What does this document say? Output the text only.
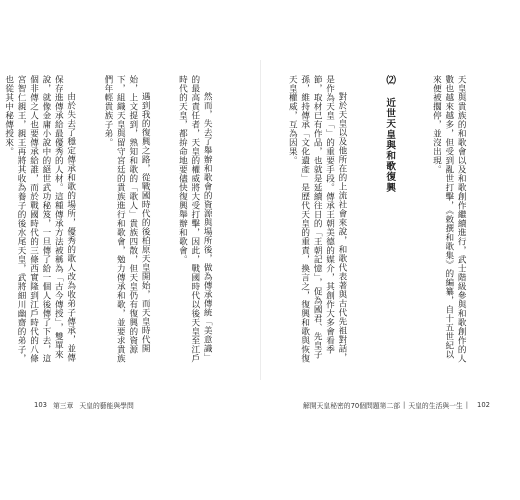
天皇與貴族的和歌會以及和歌創作繼續進行，武士階級參與和歌創作的人數也越來越多，但受到亂世打擊，《敕撰和歌集》的編纂，自十五世紀以來便被擱停，並沒出現。

⑵ 近世天皇與和歌復興

對於天皇以及他所在的上流社會來說，和歌代表著與古代先祖對話，是作為天皇「」的重要手段。傳承王朝美德的媒介，其創作大多會看季節，取材已有作品，也就是延續往日的「王朝記憶」，促為國君、先皇子孫，維持傳承「文化遺產」是歷代天皇的重責，換言之，復興和歌與恢復天皇權威，互為因果。

解開天皇秘密的70個問題第二部 | 天皇的生活與一生 | 102

然而，失去了舉辦和歌會的資源與場所後，做為傳承傳統「美意識」的最高責任者，天皇的權威將大受打擊，因此，戰國時代以後天皇至江戶時代的天皇，都拚命地要儘快復興舉辦和歌會。

遇到我的復興之路，從戰國時代的後柏原天皇開始，而天皇時代開始，上文提到，熟知和歌的「歌人」貴族四散，但天皇仍有復興的資源下，組織天皇與留守宮廷的貴族進行和歌會，勉力傳承和歌，並要求貴族們年輕貴族子弟。

由於失去了穩定傳承和歌的場所，優秀的歌人改為收弟子傳承，並傳保存進傳承給最優秀的人材。這種傳承方法被稱為「古今傳授」，雙單來說，就像金庸小說中的絕世武功秘笈，一旦傳了給一個人後傳了下去，這個非傳之人也要傳承給誰，而於戰國時代的三條西實隆到江戶時代的八條宮智仁親王，親王再將其收為養子的後水尾天皇，武將細川幽齋的弟子，也從其中秘傳授來。

103 第三章 天皇的藝能與學問
